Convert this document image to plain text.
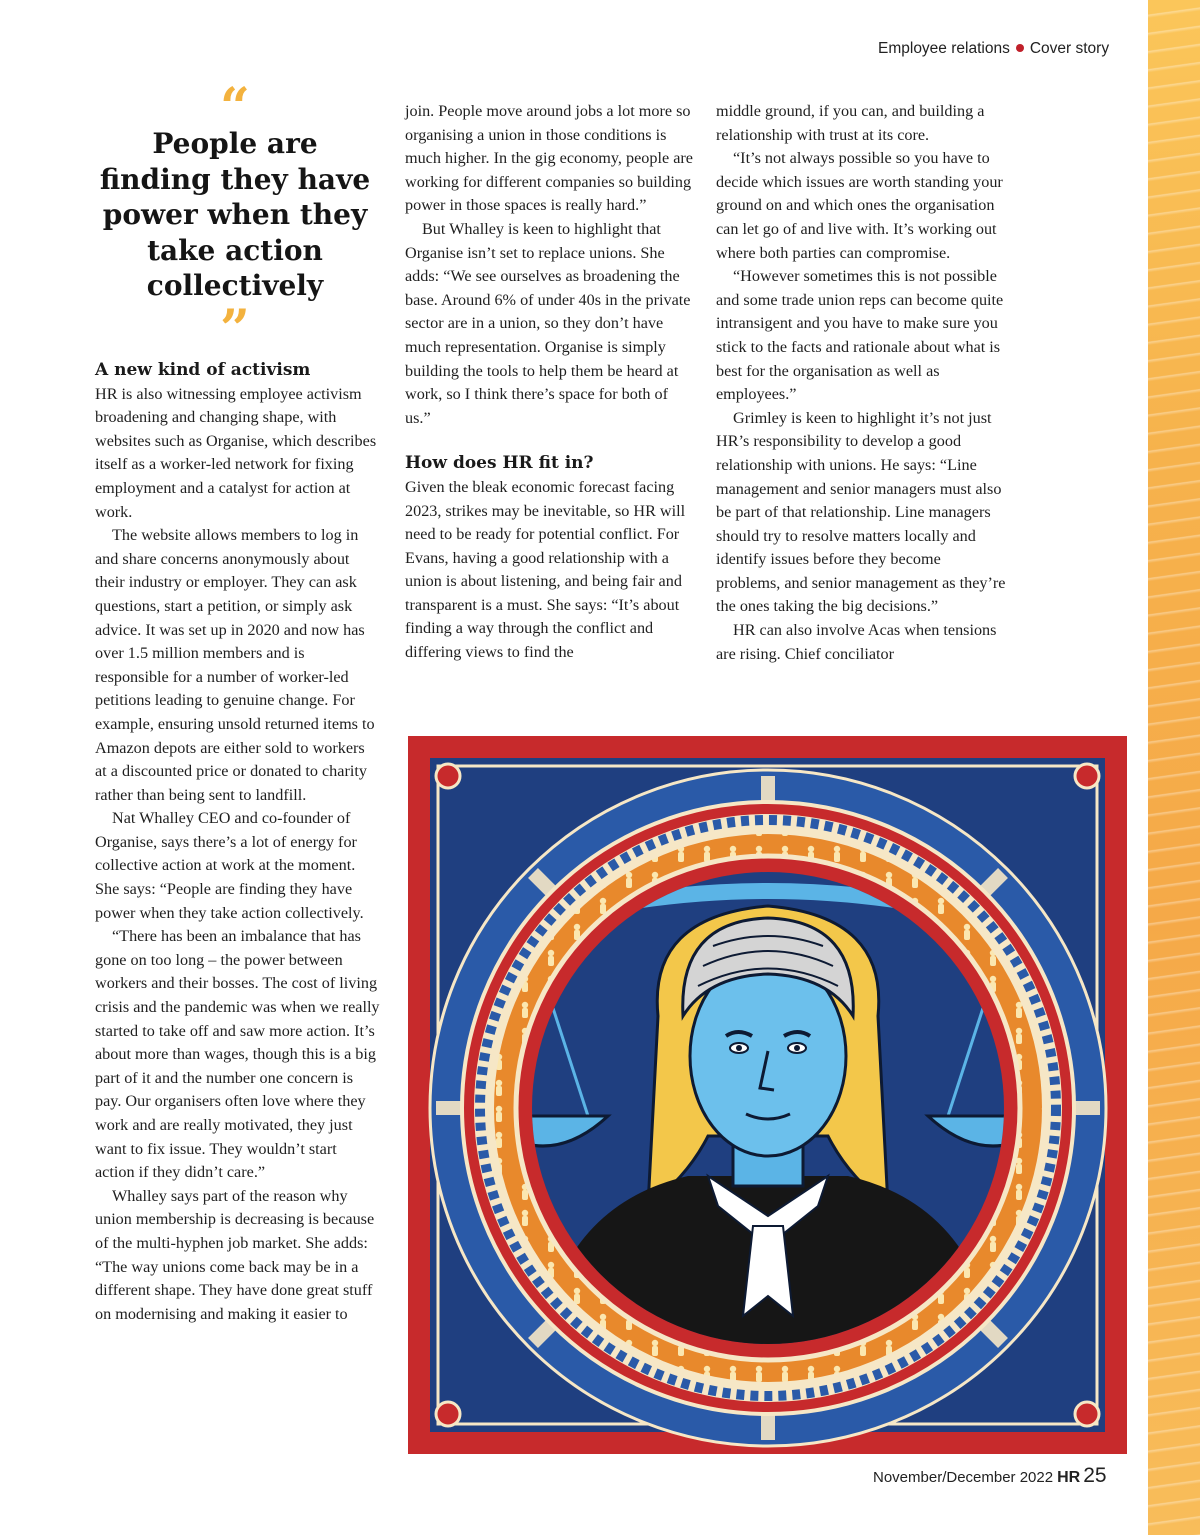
Employee relations Cover story
“
People are finding they have power when they take action collectively
”
A new kind of activism

HR is also witnessing employee activism broadening and changing shape, with websites such as Organise, which describes itself as a worker-led network for fixing employment and a catalyst for action at work.

The website allows members to log in and share concerns anonymously about their industry or employer. They can ask questions, start a petition, or simply ask advice. It was set up in 2020 and now has over 1.5 million members and is responsible for a number of worker-led petitions leading to genuine change. For example, ensuring unsold returned items to Amazon depots are either sold to workers at a discounted price or donated to charity rather than being sent to landfill.

Nat Whalley CEO and co-founder of Organise, says there’s a lot of energy for collective action at work at the moment. She says: “People are finding they have power when they take action collectively.

“There has been an imbalance that has gone on too long – the power between workers and their bosses. The cost of living crisis and the pandemic was when we really started to take off and saw more action. It’s about more than wages, though this is a big part of it and the number one concern is pay. Our organisers often love where they work and are really motivated, they just want to fix issue. They wouldn’t start action if they didn’t care.”

Whalley says part of the reason why union membership is decreasing is because of the multi-hyphen job market. She adds: “The way unions come back may be in a different shape. They have done great stuff on modernising and making it easier to

join. People move around jobs a lot more so organising a union in those conditions is much higher. In the gig economy, people are working for different companies so building power in those spaces is really hard.”

But Whalley is keen to highlight that Organise isn’t set to replace unions. She adds: “We see ourselves as broadening the base. Around 6% of under 40s in the private sector are in a union, so they don’t have much representation. Organise is simply building the tools to help them be heard at work, so I think there’s space for both of us.”

How does HR fit in?

Given the bleak economic forecast facing 2023, strikes may be inevitable, so HR will need to be ready for potential conflict. For Evans, having a good relationship with a union is about listening, and being fair and transparent is a must. She says: “It’s about finding a way through the conflict and differing views to find the

middle ground, if you can, and building a relationship with trust at its core.

“It’s not always possible so you have to decide which issues are worth standing your ground on and which ones the organisation can let go of and live with. It’s working out where both parties can compromise.

“However sometimes this is not possible and some trade union reps can become quite intransigent and you have to make sure you stick to the facts and rationale about what is best for the organisation as well as employees.”

Grimley is keen to highlight it’s not just HR’s responsibility to develop a good relationship with unions. He says: “Line management and senior managers must also be part of that relationship. Line managers should try to resolve matters locally and identify issues before they become problems, and senior management as they’re the ones taking the big decisions.”

HR can also involve Acas when tensions are rising. Chief conciliator

November/December 2022 HR 25
